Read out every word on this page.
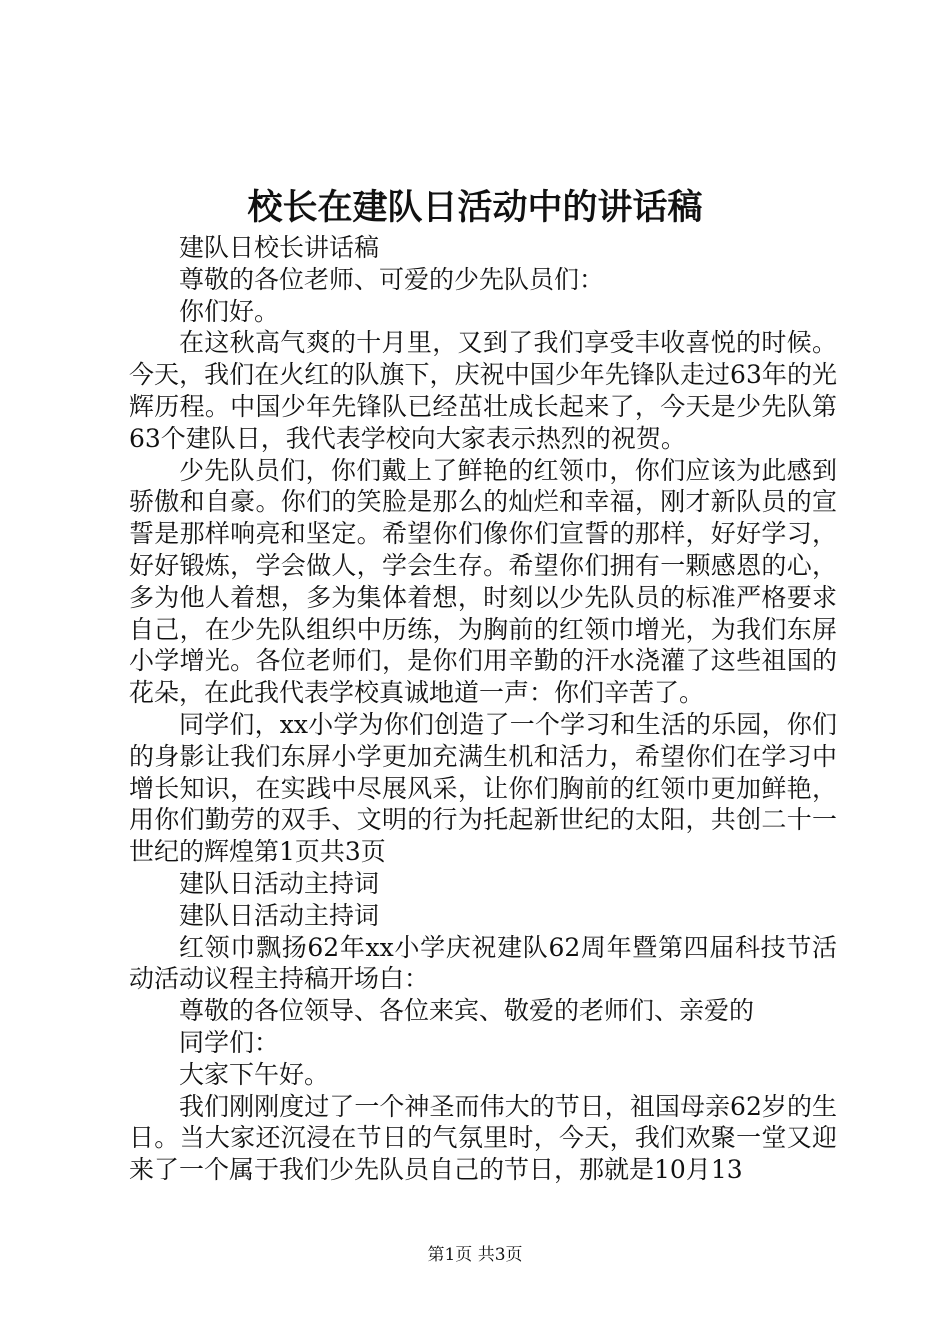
校长在建队日活动中的讲话稿

建队日校长讲话稿

尊敬的各位老师、可爱的少先队员们：

你们好。

在这秋高气爽的十月里，又到了我们享受丰收喜悦的时候。今天，我们在火红的队旗下，庆祝中国少年先锋队走过63年的光辉历程。中国少年先锋队已经茁壮成长起来了，今天是少先队第63个建队日，我代表学校向大家表示热烈的祝贺。

少先队员们，你们戴上了鲜艳的红领巾，你们应该为此感到骄傲和自豪。你们的笑脸是那么的灿烂和幸福，刚才新队员的宣誓是那样响亮和坚定。希望你们像你们宣誓的那样，好好学习，好好锻炼，学会做人，学会生存。希望你们拥有一颗感恩的心，多为他人着想，多为集体着想，时刻以少先队员的标准严格要求自己，在少先队组织中历练，为胸前的红领巾增光，为我们东屏小学增光。各位老师们，是你们用辛勤的汗水浇灌了这些祖国的花朵，在此我代表学校真诚地道一声：你们辛苦了。

同学们，xx小学为你们创造了一个学习和生活的乐园，你们的身影让我们东屏小学更加充满生机和活力，希望你们在学习中增长知识，在实践中尽展风采，让你们胸前的红领巾更加鲜艳，用你们勤劳的双手、文明的行为托起新世纪的太阳，共创二十一世纪的辉煌第1页共3页

建队日活动主持词

建队日活动主持词

红领巾飘扬62年xx小学庆祝建队62周年暨第四届科技节活动活动议程主持稿开场白：

尊敬的各位领导、各位来宾、敬爱的老师们、亲爱的

同学们：

大家下午好。

我们刚刚度过了一个神圣而伟大的节日，祖国母亲62岁的生日。当大家还沉浸在节日的气氛里时，今天，我们欢聚一堂又迎来了一个属于我们少先队员自己的节日，那就是10月13

第1页 共3页
